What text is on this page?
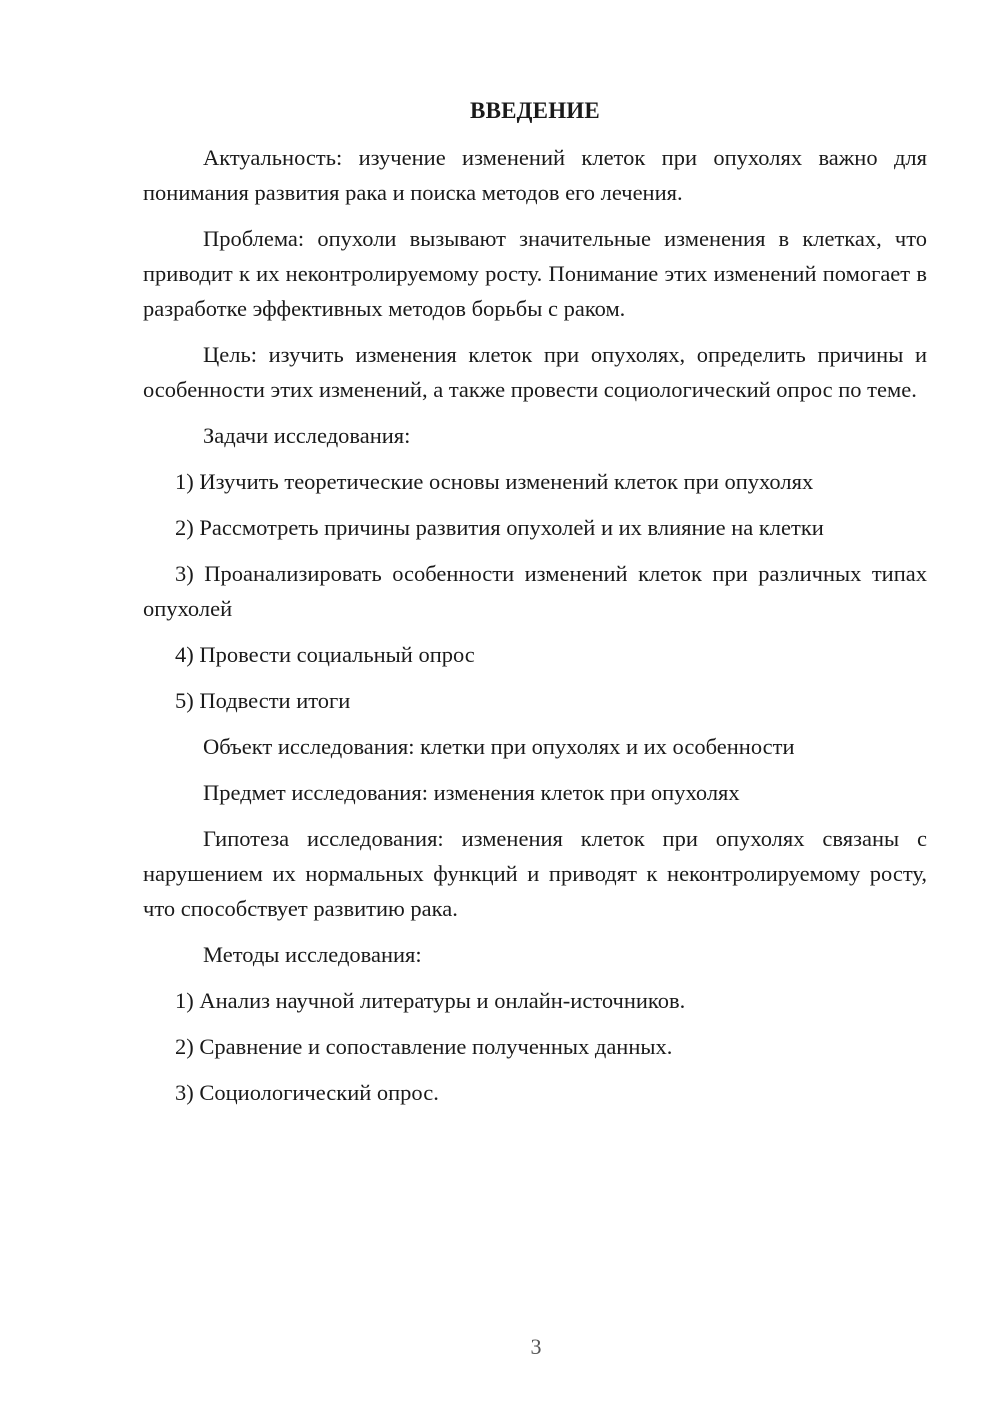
ВВЕДЕНИЕ

Актуальность: изучение изменений клеток при опухолях важно для понимания развития рака и поиска методов его лечения.

Проблема: опухоли вызывают значительные изменения в клетках, что приводит к их неконтролируемому росту. Понимание этих изменений помогает в разработке эффективных методов борьбы с раком.

Цель: изучить изменения клеток при опухолях, определить причины и особенности этих изменений, а также провести социологический опрос по теме.

Задачи исследования:

1) Изучить теоретические основы изменений клеток при опухолях

2) Рассмотреть причины развития опухолей и их влияние на клетки

3) Проанализировать особенности изменений клеток при различных типах опухолей

4) Провести социальный опрос

5) Подвести итоги

Объект исследования: клетки при опухолях и их особенности

Предмет исследования: изменения клеток при опухолях

Гипотеза исследования: изменения клеток при опухолях связаны с нарушением их нормальных функций и приводят к неконтролируемому росту, что способствует развитию рака.

Методы исследования:

1) Анализ научной литературы и онлайн-источников.

2) Сравнение и сопоставление полученных данных.

3) Социологический опрос.

3
